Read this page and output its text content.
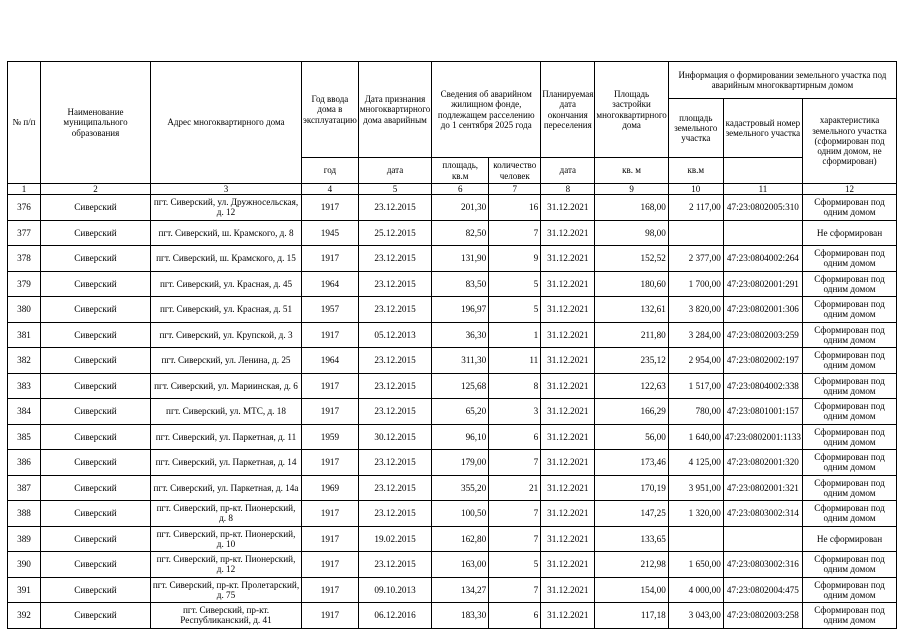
№ п/п	Наименование муниципального образования	Адрес многоквартирного дома	Год ввода дома в эксплуатацию	Дата признания многоквартирного дома аварийным	Сведения об аварийном жилищном фонде, подлежащем расселению до 1 сентября 2025 года		Планируемая дата окончания переселения	Площадь застройки многоквартирного дома	Информация о формировании земельного участка под аварийным многоквартирным домом		
									площадь земельного участка	кадастровый номер земельного участка	характеристика земельного участка (сформирован под одним домом, не сформирован)
			год	дата	площадь, кв.м	количество человек	дата	кв. м	кв.м		
1	2	3	4	5	6	7	8	9	10	11	12
376	Сиверский	пгт. Сиверский, ул. Дружносельская, д. 12	1917	23.12.2015	201,30	16	31.12.2021	168,00	2 117,00	47:23:0802005:310	Сформирован под одним домом
377	Сиверский	пгт. Сиверский, ш. Крамского, д. 8	1945	25.12.2015	82,50	7	31.12.2021	98,00			Не сформирован
378	Сиверский	пгт. Сиверский, ш. Крамского, д. 15	1917	23.12.2015	131,90	9	31.12.2021	152,52	2 377,00	47:23:0804002:264	Сформирован под одним домом
379	Сиверский	пгт. Сиверский, ул. Красная, д. 45	1964	23.12.2015	83,50	5	31.12.2021	180,60	1 700,00	47:23:0802001:291	Сформирован под одним домом
380	Сиверский	пгт. Сиверский, ул. Красная, д. 51	1957	23.12.2015	196,97	5	31.12.2021	132,61	3 820,00	47:23:0802001:306	Сформирован под одним домом
381	Сиверский	пгт. Сиверский, ул. Крупской, д. 3	1917	05.12.2013	36,30	1	31.12.2021	211,80	3 284,00	47:23:0802003:259	Сформирован под одним домом
382	Сиверский	пгт. Сиверский, ул. Ленина, д. 25	1964	23.12.2015	311,30	11	31.12.2021	235,12	2 954,00	47:23:0802002:197	Сформирован под одним домом
383	Сиверский	пгт. Сиверский, ул. Мариинская, д. 6	1917	23.12.2015	125,68	8	31.12.2021	122,63	1 517,00	47:23:0804002:338	Сформирован под одним домом
384	Сиверский	пгт. Сиверский, ул. МТС, д. 18	1917	23.12.2015	65,20	3	31.12.2021	166,29	780,00	47:23:0801001:157	Сформирован под одним домом
385	Сиверский	пгт. Сиверский, ул. Паркетная, д. 11	1959	30.12.2015	96,10	6	31.12.2021	56,00	1 640,00	47:23:0802001:1133	Сформирован под одним домом
386	Сиверский	пгт. Сиверский, ул. Паркетная, д. 14	1917	23.12.2015	179,00	7	31.12.2021	173,46	4 125,00	47:23:0802001:320	Сформирован под одним домом
387	Сиверский	пгт. Сиверский, ул. Паркетная, д. 14а	1969	23.12.2015	355,20	21	31.12.2021	170,19	3 951,00	47:23:0802001:321	Сформирован под одним домом
388	Сиверский	пгт. Сиверский, пр-кт. Пионерский, д. 8	1917	23.12.2015	100,50	7	31.12.2021	147,25	1 320,00	47:23:0803002:314	Сформирован под одним домом
389	Сиверский	пгт. Сиверский, пр-кт. Пионерский, д. 10	1917	19.02.2015	162,80	7	31.12.2021	133,65			Не сформирован
390	Сиверский	пгт. Сиверский, пр-кт. Пионерский, д. 12	1917	23.12.2015	163,00	5	31.12.2021	212,98	1 650,00	47:23:0803002:316	Сформирован под одним домом
391	Сиверский	пгт. Сиверский, пр-кт. Пролетарский, д. 75	1917	09.10.2013	134,27	7	31.12.2021	154,00	4 000,00	47:23:0802004:475	Сформирован под одним домом
392	Сиверский	пгт. Сиверский, пр-кт. Республиканский, д. 41	1917	06.12.2016	183,30	6	31.12.2021	117,18	3 043,00	47:23:0802003:258	Сформирован под одним домом
